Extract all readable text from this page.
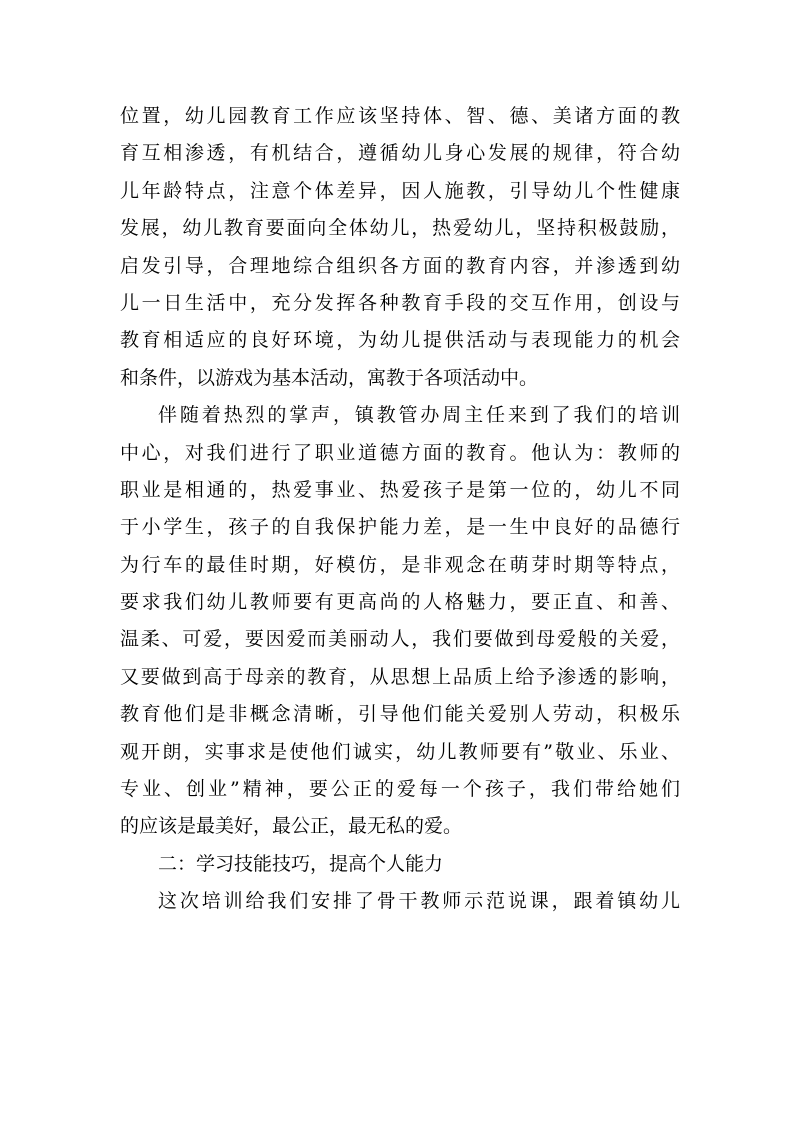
位置，幼儿园教育工作应该坚持体、智、德、美诸方面的教
育互相渗透，有机结合，遵循幼儿身心发展的规律，符合幼
儿年龄特点，注意个体差异，因人施教，引导幼儿个性健康
发展，幼儿教育要面向全体幼儿，热爱幼儿，坚持积极鼓励，
启发引导，合理地综合组织各方面的教育内容，并渗透到幼
儿一日生活中，充分发挥各种教育手段的交互作用，创设与
教育相适应的良好环境，为幼儿提供活动与表现能力的机会
和条件，以游戏为基本活动，寓教于各项活动中。
伴随着热烈的掌声，镇教管办周主任来到了我们的培训
中心，对我们进行了职业道德方面的教育。他认为：教师的
职业是相通的，热爱事业、热爱孩子是第一位的，幼儿不同
于小学生，孩子的自我保护能力差，是一生中良好的品德行
为行车的最佳时期，好模仿，是非观念在萌芽时期等特点，
要求我们幼儿教师要有更高尚的人格魅力，要正直、和善、
温柔、可爱，要因爱而美丽动人，我们要做到母爱般的关爱，
又要做到高于母亲的教育，从思想上品质上给予渗透的影响，
教育他们是非概念清晰，引导他们能关爱别人劳动，积极乐
观开朗，实事求是使他们诚实，幼儿教师要有”敬业、乐业、
专业、创业”精神，要公正的爱每一个孩子，我们带给她们
的应该是最美好，最公正，最无私的爱。
二：学习技能技巧，提高个人能力
这次培训给我们安排了骨干教师示范说课，跟着镇幼儿
